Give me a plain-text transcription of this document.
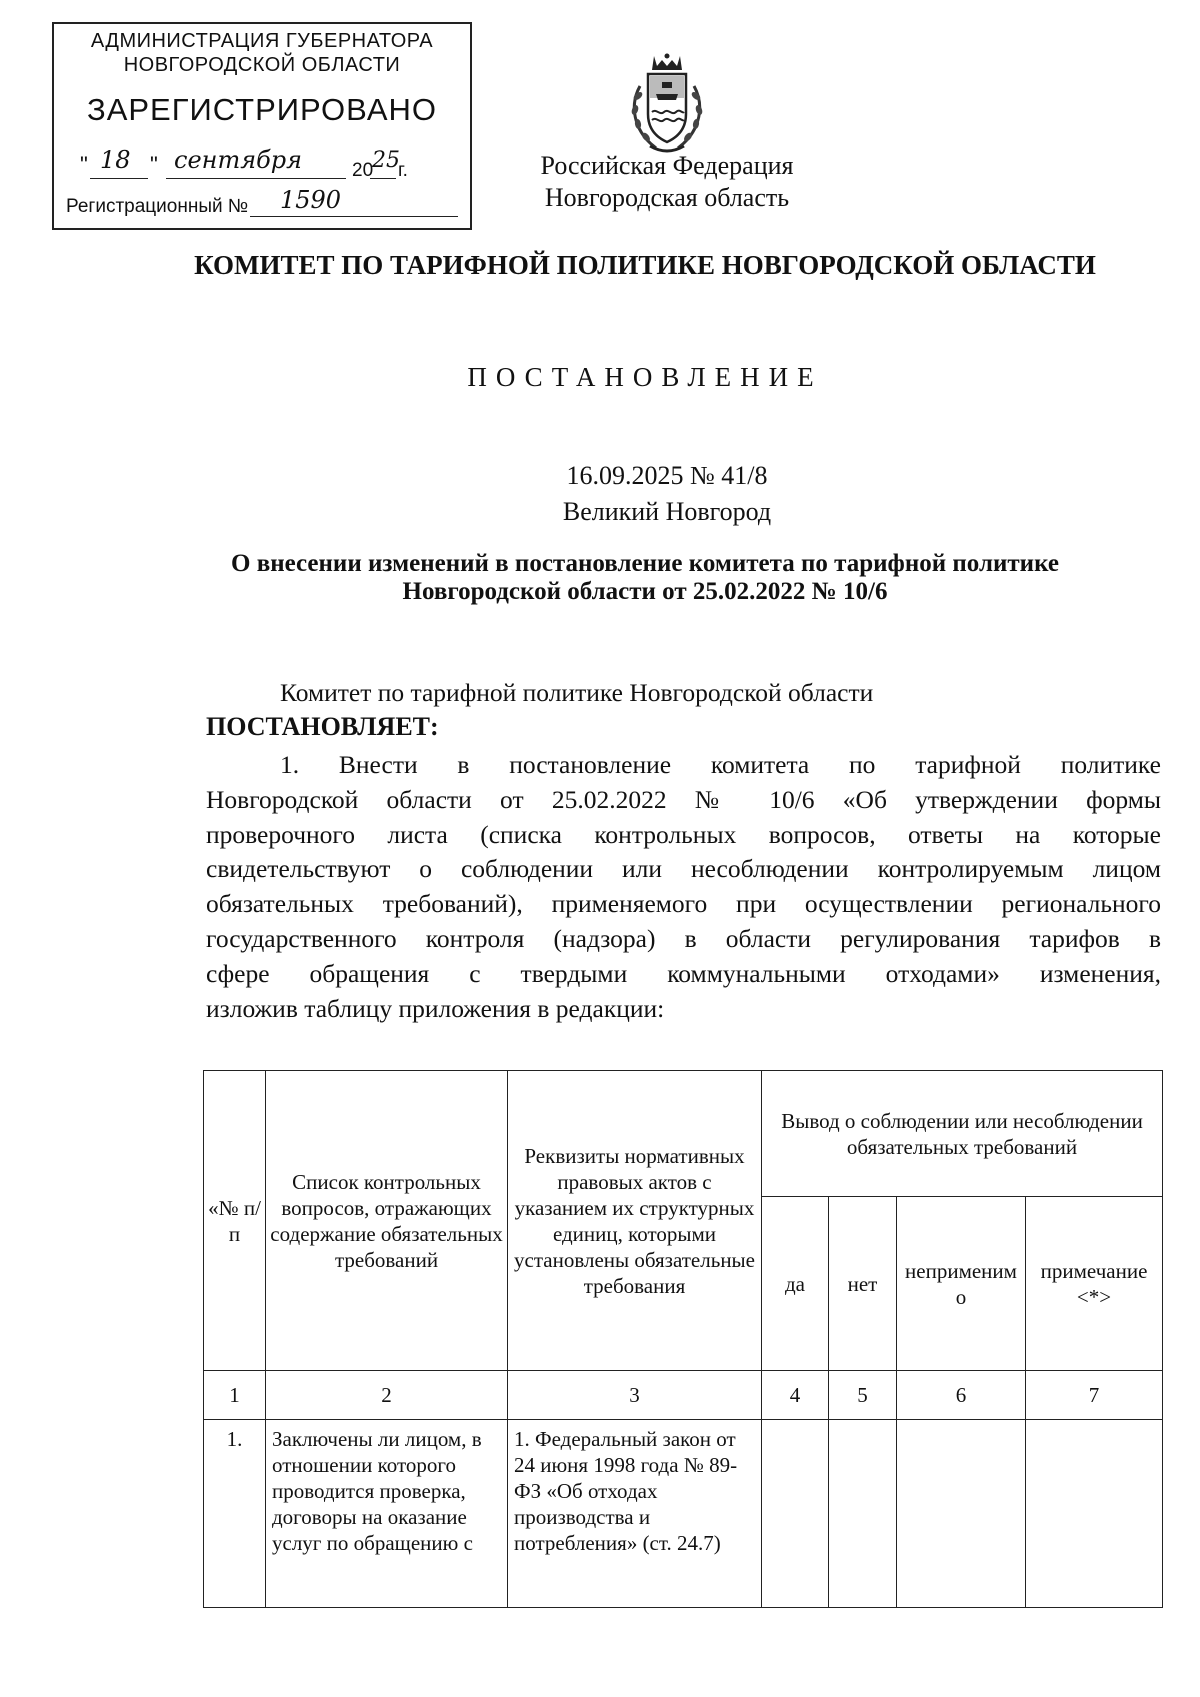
АДМИНИСТРАЦИЯ ГУБЕРНАТОРА
НОВГОРОДСКОЙ ОБЛАСТИ
ЗАРЕГИСТРИРОВАНО
" 18 " сентября	20
25
г.
Регистрационный № 1590
Российская Федерация
Новгородская область
КОМИТЕТ ПО ТАРИФНОЙ ПОЛИТИКЕ НОВГОРОДСКОЙ ОБЛАСТИ
ПОСТАНОВЛЕНИЕ
16.09.2025 № 41/8
Великий Новгород
О внесении изменений в постановление комитета по тарифной политике
Новгородской области от 25.02.2022 № 10/6
Комитет по тарифной политике Новгородской области
ПОСТАНОВЛЯЕТ:
1. Внести в постановление комитета по тарифной политике
Новгородской области от 25.02.2022 № 10/6 «Об утверждении формы
проверочного листа (списка контрольных вопросов, ответы на которые
свидетельствуют о соблюдении или несоблюдении контролируемым лицом
обязательных требований), применяемого при осуществлении регионального
государственного контроля (надзора) в области регулирования тарифов в
сфере обращения с твердыми коммунальными отходами» изменения,
изложив таблицу приложения в редакции:
«№ п/п	Список контрольных вопросов, отражающих содержание обязательных требований	Реквизиты нормативных правовых актов с указанием их структурных единиц, которыми установлены обязательные требования	Вывод о соблюдении или несоблюдении обязательных требований			
			да	нет	неприменимо	примечание <*>
1	2	3	4	5	6	7
1.	Заключены ли лицом, в отношении которого проводится проверка, договоры на оказание услуг по обращению с	1. Федеральный закон от 24 июня 1998 года № 89-ФЗ «Об отходах производства и потребления» (ст. 24.7)				
